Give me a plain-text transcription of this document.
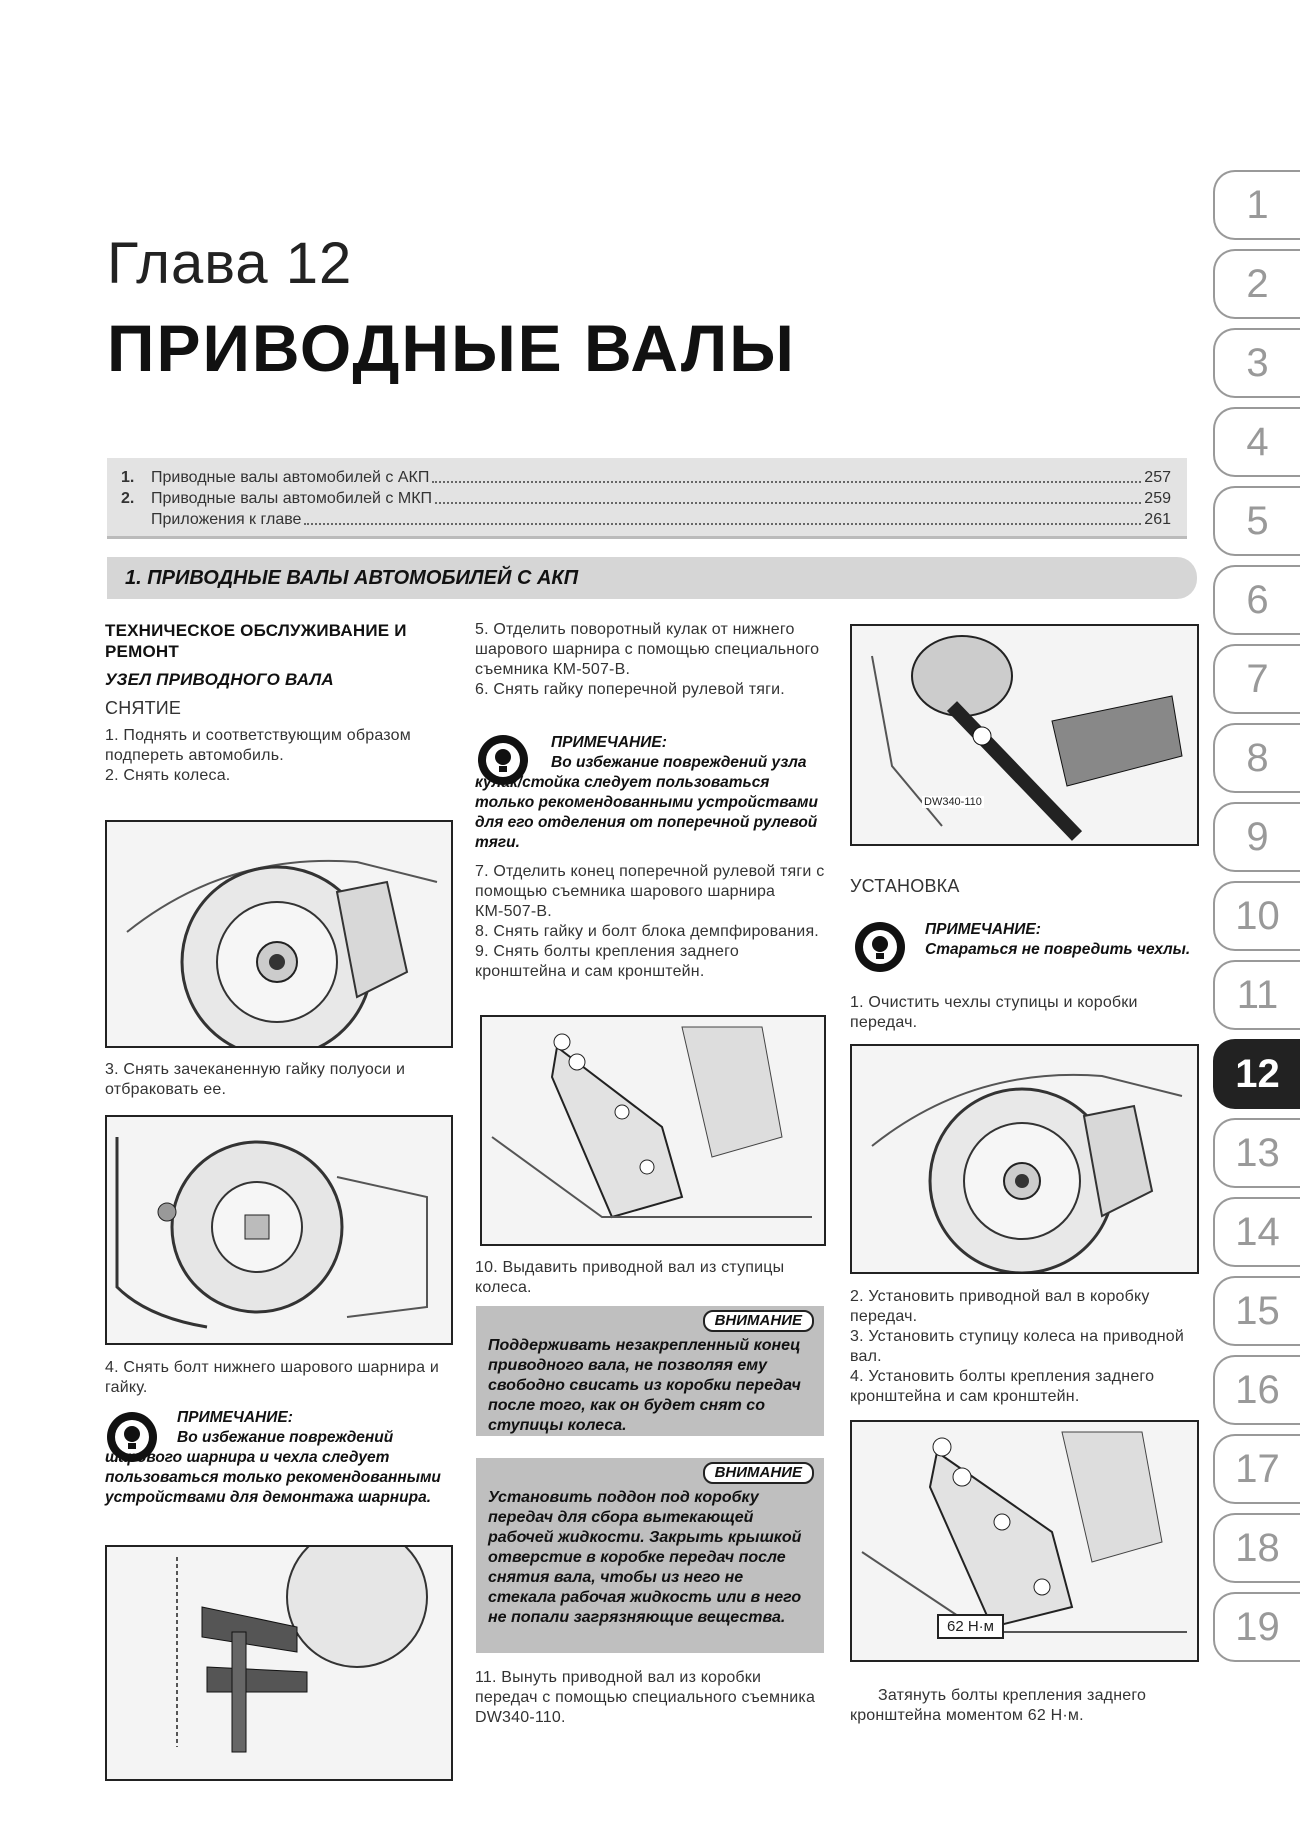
Глава 12
ПРИВОДНЫЕ ВАЛЫ
1.	Приводные валы автомобилей с АКП	257
2.	Приводные валы автомобилей с МКП	259
Приложения к главе	261
1. ПРИВОДНЫЕ ВАЛЫ АВТОМОБИЛЕЙ С АКП

ТЕХНИЧЕСКОЕ ОБСЛУЖИВАНИЕ И РЕМОНТ

УЗЕЛ ПРИВОДНОГО ВАЛА

СНЯТИЕ

1. Поднять и соответствующим образом подпереть автомобиль.

2. Снять колеса.

3. Снять зачеканенную гайку полуоси и отбраковать ее.

4. Снять болт нижнего шарового шарнира и гайку.

ПРИМЕЧАНИЕ:
Во избежание повреждений шарового шарнира и чехла следует пользоваться только рекомендованными устройствами для демонтажа шарнира.

5. Отделить поворотный кулак от нижнего шарового шарнира с помощью специального съемника КМ-507-В.

6. Снять гайку поперечной рулевой тяги.

ПРИМЕЧАНИЕ:
Во избежание повреждений узла кулак/стойка следует пользоваться только рекомендованными устройствами для его отделения от поперечной рулевой тяги.

7. Отделить конец поперечной рулевой тяги с помощью съемника шарового шарнира КМ-507-В.

8. Снять гайку и болт блока демпфирования.

9. Снять болты крепления заднего кронштейна и сам кронштейн.

10. Выдавить приводной вал из ступицы колеса.

ВНИМАНИЕ
Поддерживать незакрепленный конец приводного вала, не позволяя ему свободно свисать из коробки передач после того, как он будет снят со ступицы колеса.
ВНИМАНИЕ
Установить поддон под коробку передач для сбора вытекающей рабочей жидкости. Закрыть крышкой отверстие в коробке передач после снятия вала, чтобы из него не стекала рабочая жидкость или в него не попали загрязняющие вещества.

11. Вынуть приводной вал из коробки передач с помощью специального съемника DW340-110.

DW340-110

УСТАНОВКА

ПРИМЕЧАНИЕ:
Стараться не повредить чехлы.

1. Очистить чехлы ступицы и коробки передач.

2. Установить приводной вал в коробку передач.

3. Установить ступицу колеса на приводной вал.

4. Установить болты крепления заднего кронштейна и сам кронштейн.

62 Н·м

Затянуть болты крепления заднего кронштейна моментом 62 Н·м.

1
2
3
4
5
6
7
8
9
10
11
12
13
14
15
16
17
18
19
